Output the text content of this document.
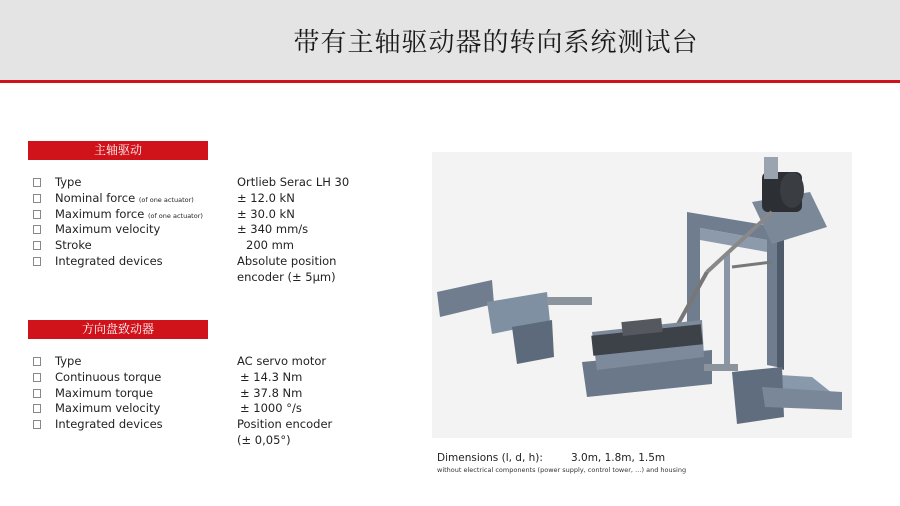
带有主轴驱动器的转向系统测试台
主轴驱动
Type	Ortlieb Serac LH 30
Nominal force (of one actuator)	± 12.0 kN
Maximum force (of one actuator)	± 30.0 kN
Maximum velocity	± 340 mm/s
Stroke	200 mm
Integrated devices	Absolute position
encoder (± 5µm)
方向盘致动器
Type	AC servo motor
Continuous torque	± 14.3 Nm
Maximum torque	± 37.8 Nm
Maximum velocity	± 1000 °/s
Integrated devices	Position encoder
(± 0,05°)
Dimensions (l, d, h):	3.0m, 1.8m, 1.5m
without electrical components (power supply, control tower, …) and housing
